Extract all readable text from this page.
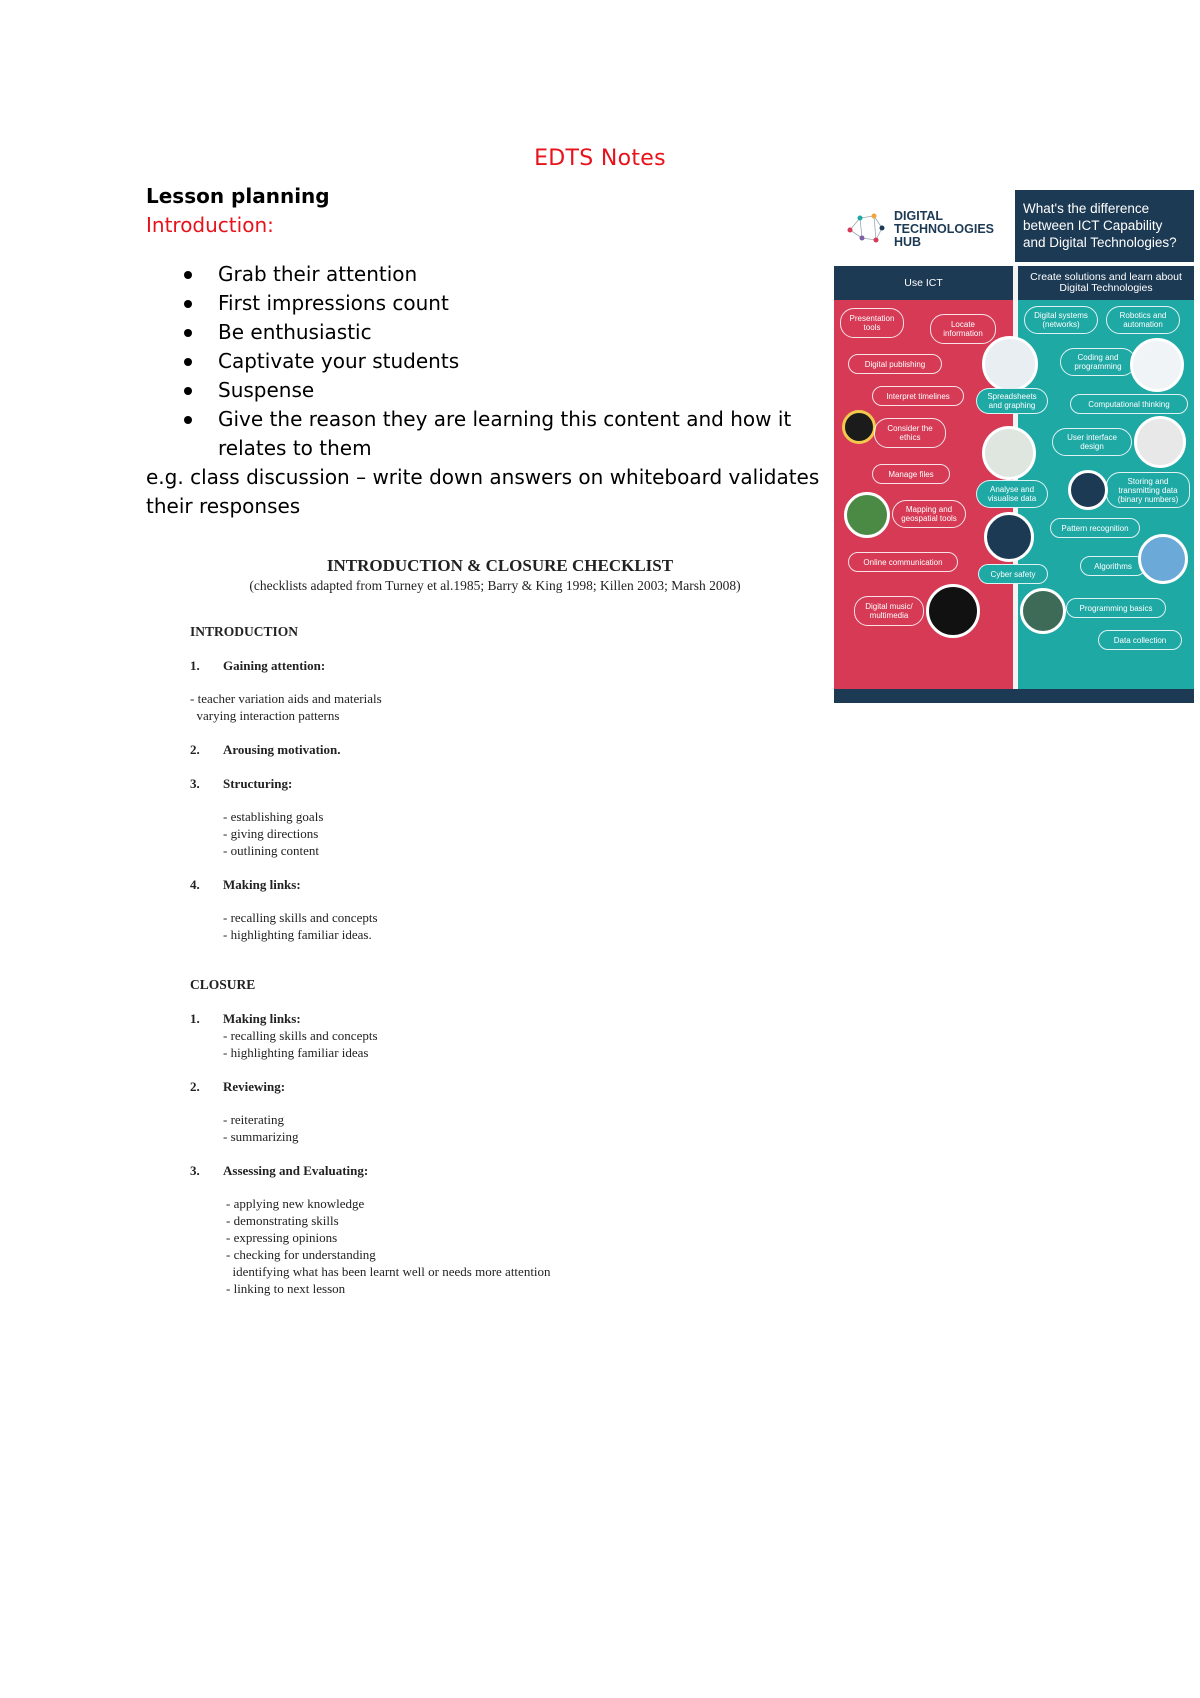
EDTS Notes
Lesson planning
Introduction:
Grab their attention
First impressions count
Be enthusiastic
Captivate your students
Suspense
Give the reason they are learning this content and how it relates to them
e.g. class discussion – write down answers on whiteboard validates their responses
INTRODUCTION & CLOSURE CHECKLIST
(checklists adapted from Turney et al.1985; Barry & King 1998; Killen 2003; Marsh 2008)
INTRODUCTION
1.	Gaining attention:
- teacher variation aids and materials
varying interaction patterns
2.	Arousing motivation.
3.	Structuring:
- establishing goals
- giving directions
- outlining content
4.	Making links:
- recalling skills and concepts
- highlighting familiar ideas.
CLOSURE
1.	Making links:
- recalling skills and concepts
- highlighting familiar ideas
2.	Reviewing:
- reiterating
- summarizing
3.	Assessing and Evaluating:
- applying new knowledge
- demonstrating skills
- expressing opinions
- checking for understanding
identifying what has been learnt well or needs more attention
- linking to next lesson
DIGITAL
TECHNOLOGIES
HUB
What's the difference between ICT Capability and Digital Technologies?
Use ICT	Create solutions and learn about Digital Technologies
Presentation tools	Locate information
Digital publishing
Interpret timelines
Consider the ethics
Manage files
Mapping and geospatial tools
Online communication
Digital music/ multimedia
Spreadsheets and graphing
Analyse and visualise data
Cyber safety
Digital systems (networks)
Robotics and automation
Coding and programming
Computational thinking
User interface design
Storing and transmitting data (binary numbers)
Pattern recognition
Algorithms
Programming basics
Data collection
